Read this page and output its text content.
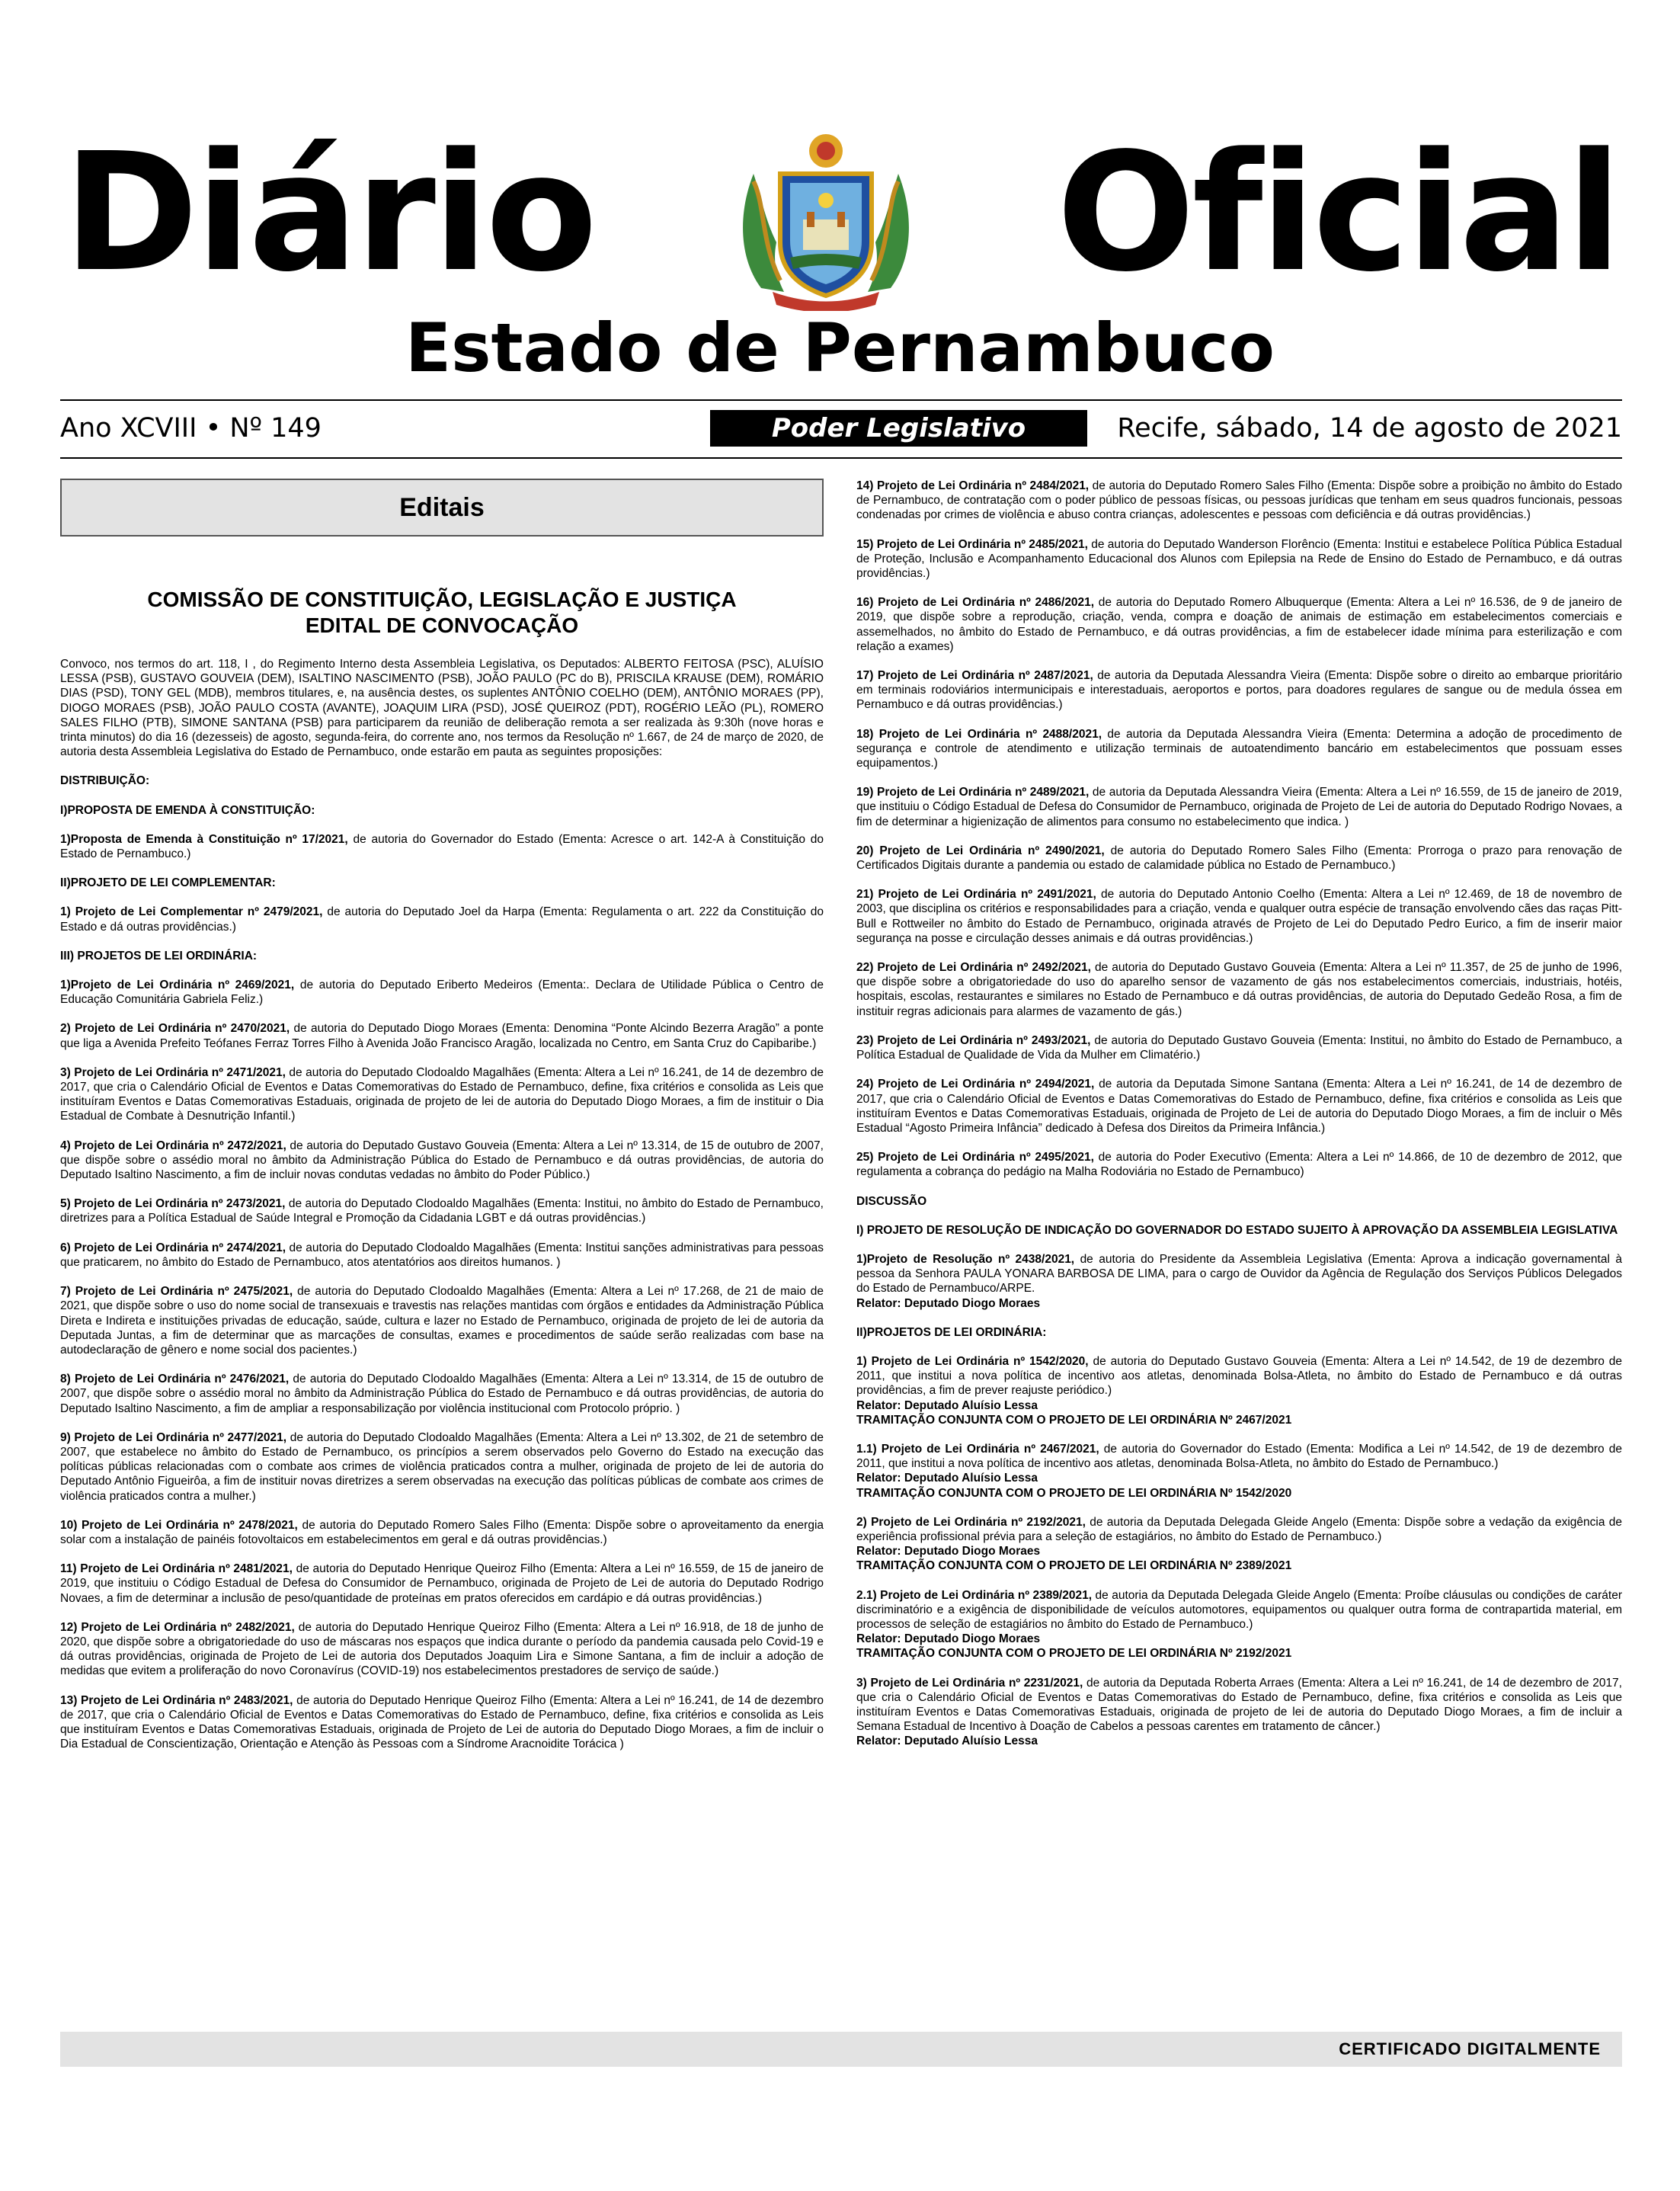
Diário	Oficial
Estado de Pernambuco
Ano XCVIII • Nº 149	Poder Legislativo	Recife, sábado, 14 de agosto de 2021
Editais
COMISSÃO DE CONSTITUIÇÃO, LEGISLAÇÃO E JUSTIÇA
EDITAL DE CONVOCAÇÃO

Convoco, nos termos do art. 118, I , do Regimento Interno desta Assembleia Legislativa, os Deputados: ALBERTO FEITOSA (PSC), ALUÍSIO LESSA (PSB), GUSTAVO GOUVEIA (DEM), ISALTINO NASCIMENTO (PSB), JOÃO PAULO (PC do B), PRISCILA KRAUSE (DEM), ROMÁRIO DIAS (PSD), TONY GEL (MDB), membros titulares, e, na ausência destes, os suplentes ANTÔNIO COELHO (DEM), ANTÔNIO MORAES (PP), DIOGO MORAES (PSB), JOÃO PAULO COSTA (AVANTE), JOAQUIM LIRA (PSD), JOSÉ QUEIROZ (PDT), ROGÉRIO LEÃO (PL), ROMERO SALES FILHO (PTB), SIMONE SANTANA (PSB) para participarem da reunião de deliberação remota a ser realizada às 9:30h (nove horas e trinta minutos) do dia 16 (dezesseis) de agosto, segunda-feira, do corrente ano, nos termos da Resolução nº 1.667, de 24 de março de 2020, de autoria desta Assembleia Legislativa do Estado de Pernambuco, onde estarão em pauta as seguintes proposições:

DISTRIBUIÇÃO:

I)PROPOSTA DE EMENDA À CONSTITUIÇÃO:

1)Proposta de Emenda à Constituição nº 17/2021, de autoria do Governador do Estado (Ementa: Acresce o art. 142-A à Constituição do Estado de Pernambuco.)

II)PROJETO DE LEI COMPLEMENTAR:

1) Projeto de Lei Complementar nº 2479/2021, de autoria do Deputado Joel da Harpa (Ementa: Regulamenta o art. 222 da Constituição do Estado e dá outras providências.)

III) PROJETOS DE LEI ORDINÁRIA:

1)Projeto de Lei Ordinária nº 2469/2021, de autoria do Deputado Eriberto Medeiros (Ementa:. Declara de Utilidade Pública o Centro de Educação Comunitária Gabriela Feliz.)

2) Projeto de Lei Ordinária nº 2470/2021, de autoria do Deputado Diogo Moraes (Ementa: Denomina “Ponte Alcindo Bezerra Aragão” a ponte que liga a Avenida Prefeito Teófanes Ferraz Torres Filho à Avenida João Francisco Aragão, localizada no Centro, em Santa Cruz do Capibaribe.)

3) Projeto de Lei Ordinária nº 2471/2021, de autoria do Deputado Clodoaldo Magalhães (Ementa: Altera a Lei nº 16.241, de 14 de dezembro de 2017, que cria o Calendário Oficial de Eventos e Datas Comemorativas do Estado de Pernambuco, define, fixa critérios e consolida as Leis que instituíram Eventos e Datas Comemorativas Estaduais, originada de projeto de lei de autoria do Deputado Diogo Moraes, a fim de instituir o Dia Estadual de Combate à Desnutrição Infantil.)

4) Projeto de Lei Ordinária nº 2472/2021, de autoria do Deputado Gustavo Gouveia (Ementa: Altera a Lei nº 13.314, de 15 de outubro de 2007, que dispõe sobre o assédio moral no âmbito da Administração Pública do Estado de Pernambuco e dá outras providências, de autoria do Deputado Isaltino Nascimento, a fim de incluir novas condutas vedadas no âmbito do Poder Público.)

5) Projeto de Lei Ordinária nº 2473/2021, de autoria do Deputado Clodoaldo Magalhães (Ementa: Institui, no âmbito do Estado de Pernambuco, diretrizes para a Política Estadual de Saúde Integral e Promoção da Cidadania LGBT e dá outras providências.)

6) Projeto de Lei Ordinária nº 2474/2021, de autoria do Deputado Clodoaldo Magalhães (Ementa: Institui sanções administrativas para pessoas que praticarem, no âmbito do Estado de Pernambuco, atos atentatórios aos direitos humanos. )

7) Projeto de Lei Ordinária nº 2475/2021, de autoria do Deputado Clodoaldo Magalhães (Ementa: Altera a Lei nº 17.268, de 21 de maio de 2021, que dispõe sobre o uso do nome social de transexuais e travestis nas relações mantidas com órgãos e entidades da Administração Pública Direta e Indireta e instituições privadas de educação, saúde, cultura e lazer no Estado de Pernambuco, originada de projeto de lei de autoria da Deputada Juntas, a fim de determinar que as marcações de consultas, exames e procedimentos de saúde serão realizadas com base na autodeclaração de gênero e nome social dos pacientes.)

8) Projeto de Lei Ordinária nº 2476/2021, de autoria do Deputado Clodoaldo Magalhães (Ementa: Altera a Lei nº 13.314, de 15 de outubro de 2007, que dispõe sobre o assédio moral no âmbito da Administração Pública do Estado de Pernambuco e dá outras providências, de autoria do Deputado Isaltino Nascimento, a fim de ampliar a responsabilização por violência institucional com Protocolo próprio. )

9) Projeto de Lei Ordinária nº 2477/2021, de autoria do Deputado Clodoaldo Magalhães (Ementa: Altera a Lei nº 13.302, de 21 de setembro de 2007, que estabelece no âmbito do Estado de Pernambuco, os princípios a serem observados pelo Governo do Estado na execução das políticas públicas relacionadas com o combate aos crimes de violência praticados contra a mulher, originada de projeto de lei de autoria do Deputado Antônio Figueirôa, a fim de instituir novas diretrizes a serem observadas na execução das políticas públicas de combate aos crimes de violência praticados contra a mulher.)

10) Projeto de Lei Ordinária nº 2478/2021, de autoria do Deputado Romero Sales Filho (Ementa: Dispõe sobre o aproveitamento da energia solar com a instalação de painéis fotovoltaicos em estabelecimentos em geral e dá outras providências.)

11) Projeto de Lei Ordinária nº 2481/2021, de autoria do Deputado Henrique Queiroz Filho (Ementa: Altera a Lei nº 16.559, de 15 de janeiro de 2019, que instituiu o Código Estadual de Defesa do Consumidor de Pernambuco, originada de Projeto de Lei de autoria do Deputado Rodrigo Novaes, a fim de determinar a inclusão de peso/quantidade de proteínas em pratos oferecidos em cardápio e dá outras providências.)

12) Projeto de Lei Ordinária nº 2482/2021, de autoria do Deputado Henrique Queiroz Filho (Ementa: Altera a Lei nº 16.918, de 18 de junho de 2020, que dispõe sobre a obrigatoriedade do uso de máscaras nos espaços que indica durante o período da pandemia causada pelo Covid-19 e dá outras providências, originada de Projeto de Lei de autoria dos Deputados Joaquim Lira e Simone Santana, a fim de incluir a adoção de medidas que evitem a proliferação do novo Coronavírus (COVID-19) nos estabelecimentos prestadores de serviço de saúde.)

13) Projeto de Lei Ordinária nº 2483/2021, de autoria do Deputado Henrique Queiroz Filho (Ementa: Altera a Lei nº 16.241, de 14 de dezembro de 2017, que cria o Calendário Oficial de Eventos e Datas Comemorativas do Estado de Pernambuco, define, fixa critérios e consolida as Leis que instituíram Eventos e Datas Comemorativas Estaduais, originada de Projeto de Lei de autoria do Deputado Diogo Moraes, a fim de incluir o Dia Estadual de Conscientização, Orientação e Atenção às Pessoas com a Síndrome Aracnoidite Torácica )

14) Projeto de Lei Ordinária nº 2484/2021, de autoria do Deputado Romero Sales Filho (Ementa: Dispõe sobre a proibição no âmbito do Estado de Pernambuco, de contratação com o poder público de pessoas físicas, ou pessoas jurídicas que tenham em seus quadros funcionais, pessoas condenadas por crimes de violência e abuso contra crianças, adolescentes e pessoas com deficiência e dá outras providências.)

15) Projeto de Lei Ordinária nº 2485/2021, de autoria do Deputado Wanderson Florêncio (Ementa: Institui e estabelece Política Pública Estadual de Proteção, Inclusão e Acompanhamento Educacional dos Alunos com Epilepsia na Rede de Ensino do Estado de Pernambuco, e dá outras providências.)

16) Projeto de Lei Ordinária nº 2486/2021, de autoria do Deputado Romero Albuquerque (Ementa: Altera a Lei nº 16.536, de 9 de janeiro de 2019, que dispõe sobre a reprodução, criação, venda, compra e doação de animais de estimação em estabelecimentos comerciais e assemelhados, no âmbito do Estado de Pernambuco, e dá outras providências, a fim de estabelecer idade mínima para esterilização e com relação a exames)

17) Projeto de Lei Ordinária nº 2487/2021, de autoria da Deputada Alessandra Vieira (Ementa: Dispõe sobre o direito ao embarque prioritário em terminais rodoviários intermunicipais e interestaduais, aeroportos e portos, para doadores regulares de sangue ou de medula óssea em Pernambuco e dá outras providências.)

18) Projeto de Lei Ordinária nº 2488/2021, de autoria da Deputada Alessandra Vieira (Ementa: Determina a adoção de procedimento de segurança e controle de atendimento e utilização terminais de autoatendimento bancário em estabelecimentos que possuam esses equipamentos.)

19) Projeto de Lei Ordinária nº 2489/2021, de autoria da Deputada Alessandra Vieira (Ementa: Altera a Lei nº 16.559, de 15 de janeiro de 2019, que instituiu o Código Estadual de Defesa do Consumidor de Pernambuco, originada de Projeto de Lei de autoria do Deputado Rodrigo Novaes, a fim de determinar a higienização de alimentos para consumo no estabelecimento que indica. )

20) Projeto de Lei Ordinária nº 2490/2021, de autoria do Deputado Romero Sales Filho (Ementa: Prorroga o prazo para renovação de Certificados Digitais durante a pandemia ou estado de calamidade pública no Estado de Pernambuco.)

21) Projeto de Lei Ordinária nº 2491/2021, de autoria do Deputado Antonio Coelho (Ementa: Altera a Lei nº 12.469, de 18 de novembro de 2003, que disciplina os critérios e responsabilidades para a criação, venda e qualquer outra espécie de transação envolvendo cães das raças Pitt-Bull e Rottweiler no âmbito do Estado de Pernambuco, originada através de Projeto de Lei do Deputado Pedro Eurico, a fim de inserir maior segurança na posse e circulação desses animais e dá outras providências.)

22) Projeto de Lei Ordinária nº 2492/2021, de autoria do Deputado Gustavo Gouveia (Ementa: Altera a Lei nº 11.357, de 25 de junho de 1996, que dispõe sobre a obrigatoriedade do uso do aparelho sensor de vazamento de gás nos estabelecimentos comerciais, industriais, hotéis, hospitais, escolas, restaurantes e similares no Estado de Pernambuco e dá outras providências, de autoria do Deputado Gedeão Rosa, a fim de instituir regras adicionais para alarmes de vazamento de gás.)

23) Projeto de Lei Ordinária nº 2493/2021, de autoria do Deputado Gustavo Gouveia (Ementa: Institui, no âmbito do Estado de Pernambuco, a Política Estadual de Qualidade de Vida da Mulher em Climatério.)

24) Projeto de Lei Ordinária nº 2494/2021, de autoria da Deputada Simone Santana (Ementa: Altera a Lei nº 16.241, de 14 de dezembro de 2017, que cria o Calendário Oficial de Eventos e Datas Comemorativas do Estado de Pernambuco, define, fixa critérios e consolida as Leis que instituíram Eventos e Datas Comemorativas Estaduais, originada de Projeto de Lei de autoria do Deputado Diogo Moraes, a fim de incluir o Mês Estadual “Agosto Primeira Infância” dedicado à Defesa dos Direitos da Primeira Infância.)

25) Projeto de Lei Ordinária nº 2495/2021, de autoria do Poder Executivo (Ementa: Altera a Lei nº 14.866, de 10 de dezembro de 2012, que regulamenta a cobrança do pedágio na Malha Rodoviária no Estado de Pernambuco)

DISCUSSÃO

I) PROJETO DE RESOLUÇÃO DE INDICAÇÃO DO GOVERNADOR DO ESTADO SUJEITO À APROVAÇÃO DA ASSEMBLEIA LEGISLATIVA

1)Projeto de Resolução nº 2438/2021, de autoria do Presidente da Assembleia Legislativa (Ementa: Aprova a indicação governamental à pessoa da Senhora PAULA YONARA BARBOSA DE LIMA, para o cargo de Ouvidor da Agência de Regulação dos Serviços Públicos Delegados do Estado de Pernambuco/ARPE.
Relator: Deputado Diogo Moraes

II)PROJETOS DE LEI ORDINÁRIA:

1) Projeto de Lei Ordinária nº 1542/2020, de autoria do Deputado Gustavo Gouveia (Ementa: Altera a Lei nº 14.542, de 19 de dezembro de 2011, que institui a nova política de incentivo aos atletas, denominada Bolsa-Atleta, no âmbito do Estado de Pernambuco e dá outras providências, a fim de prever reajuste periódico.)
Relator: Deputado Aluísio Lessa
TRAMITAÇÃO CONJUNTA COM O PROJETO DE LEI ORDINÁRIA Nº 2467/2021

1.1) Projeto de Lei Ordinária nº 2467/2021, de autoria do Governador do Estado (Ementa: Modifica a Lei nº 14.542, de 19 de dezembro de 2011, que institui a nova política de incentivo aos atletas, denominada Bolsa-Atleta, no âmbito do Estado de Pernambuco.)
Relator: Deputado Aluísio Lessa
TRAMITAÇÃO CONJUNTA COM O PROJETO DE LEI ORDINÁRIA Nº 1542/2020

2) Projeto de Lei Ordinária nº 2192/2021, de autoria da Deputada Delegada Gleide Angelo (Ementa: Dispõe sobre a vedação da exigência de experiência profissional prévia para a seleção de estagiários, no âmbito do Estado de Pernambuco.)
Relator: Deputado Diogo Moraes
TRAMITAÇÃO CONJUNTA COM O PROJETO DE LEI ORDINÁRIA Nº 2389/2021

2.1) Projeto de Lei Ordinária nº 2389/2021, de autoria da Deputada Delegada Gleide Angelo (Ementa: Proíbe cláusulas ou condições de caráter discriminatório e a exigência de disponibilidade de veículos automotores, equipamentos ou qualquer outra forma de contrapartida material, em processos de seleção de estagiários no âmbito do Estado de Pernambuco.)
Relator: Deputado Diogo Moraes
TRAMITAÇÃO CONJUNTA COM O PROJETO DE LEI ORDINÁRIA Nº 2192/2021

3) Projeto de Lei Ordinária nº 2231/2021, de autoria da Deputada Roberta Arraes (Ementa: Altera a Lei nº 16.241, de 14 de dezembro de 2017, que cria o Calendário Oficial de Eventos e Datas Comemorativas do Estado de Pernambuco, define, fixa critérios e consolida as Leis que instituíram Eventos e Datas Comemorativas Estaduais, originada de projeto de lei de autoria do Deputado Diogo Moraes, a fim de incluir a Semana Estadual de Incentivo à Doação de Cabelos a pessoas carentes em tratamento de câncer.)
Relator: Deputado Aluísio Lessa

CERTIFICADO DIGITALMENTE
